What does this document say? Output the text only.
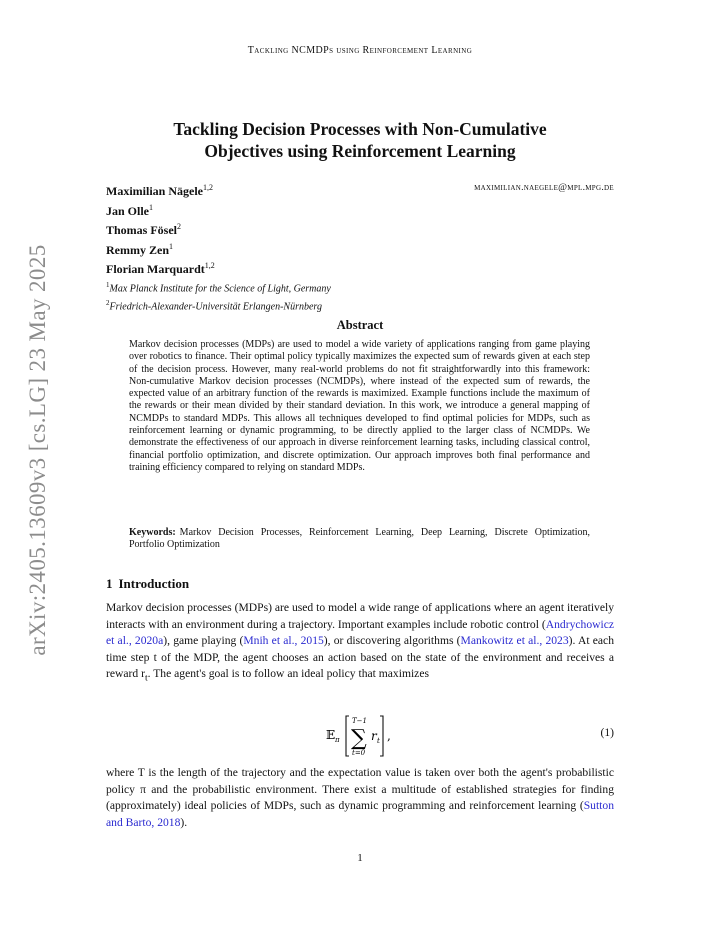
Tackling NCMDPs using Reinforcement Learning
Tackling Decision Processes with Non-Cumulative
Objectives using Reinforcement Learning
Maximilian Nägele$^{1,2}$
Jan Olle$^1$
Thomas Fösel$^2$
Remmy Zen$^1$
Florian Marquardt$^{1,2}$
$^1$Max Planck Institute for the Science of Light, Germany
$^2$Friedrich-Alexander-Universität Erlangen-Nürnberg
maximilian.naegele@mpl.mpg.de
Abstract
Markov decision processes (MDPs) are used to model a wide variety of applications ranging from game playing over robotics to finance. Their optimal policy typically maximizes the expected sum of rewards given at each step of the decision process. However, many real-world problems do not fit straightforwardly into this framework: Non-cumulative Markov decision processes (NCMDPs), where instead of the expected sum of rewards, the expected value of an arbitrary function of the rewards is maximized. Example functions include the maximum of the rewards or their mean divided by their standard deviation. In this work, we introduce a general mapping of NCMDPs to standard MDPs. This allows all techniques developed to find optimal policies for MDPs, such as reinforcement learning or dynamic programming, to be directly applied to the larger class of NCMDPs. We demonstrate the effectiveness of our approach in diverse reinforcement learning tasks, including classical control, financial portfolio optimization, and discrete optimization. Our approach improves both final performance and training efficiency compared to relying on standard MDPs.
Keywords: Markov Decision Processes, Reinforcement Learning, Deep Learning, Discrete Optimization, Portfolio Optimization
1 Introduction
Markov decision processes (MDPs) are used to model a wide range of applications where an agent iteratively interacts with an environment during a trajectory. Important examples include robotic control (Andrychowicz et al., 2020a), game playing (Mnih et al., 2015), or discovering algorithms (Mankowitz et al., 2023). At each time step t of the MDP, the agent chooses an action based on the state of the environment and receives a reward $r_t$. The agent's goal is to follow an ideal policy that maximizes
𝔼 π
T−1
∑
t=0
r t ,	(1)
where T is the length of the trajectory and the expectation value is taken over both the agent's probabilistic policy π and the probabilistic environment. There exist a multitude of established strategies for finding (approximately) ideal policies of MDPs, such as dynamic programming and reinforcement learning (Sutton and Barto, 2018).
1
arXiv:2405.13609v3 [cs.LG] 23 May 2025
